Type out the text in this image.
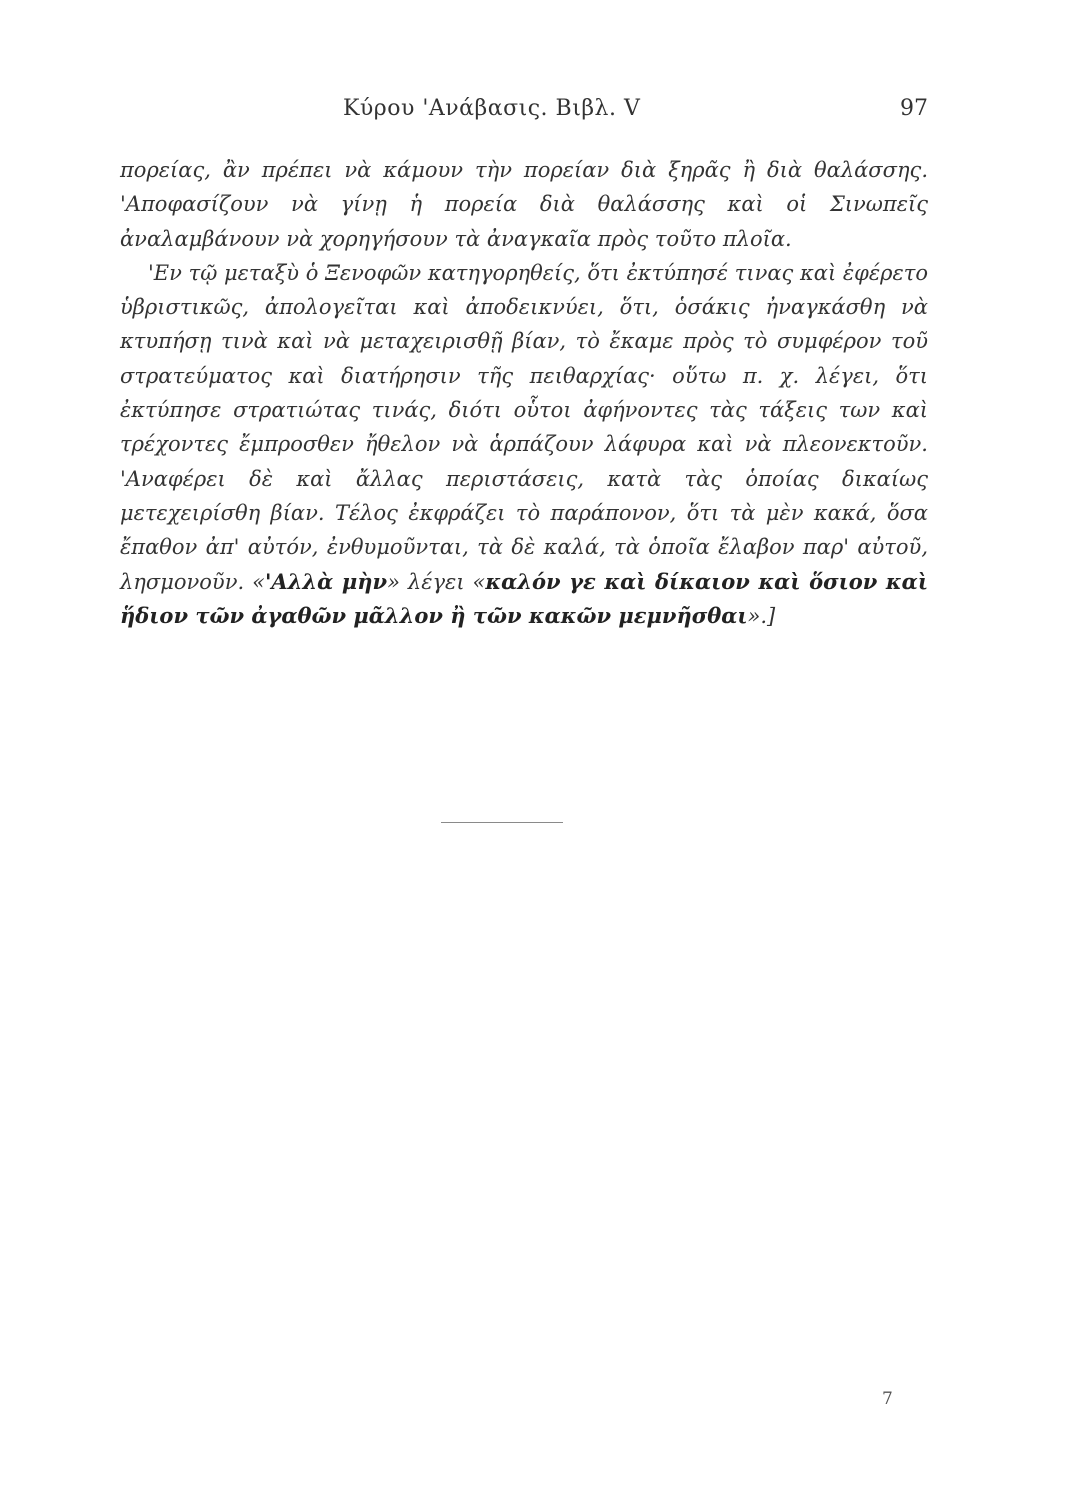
Κύρου 'Ανάβασις. Βιβλ. V	97

πορείας, ἂν πρέπει νὰ κάμουν τὴν πορείαν διὰ ξηρᾶς ἢ διὰ θαλάσσης. 'Αποφασίζουν νὰ γίνῃ ἡ πορεία διὰ θαλάσσης καὶ οἱ Σινωπεῖς ἀναλαμβάνουν νὰ χορηγήσουν τὰ ἀναγκαῖα πρὸς τοῦτο πλοῖα.

'Εν τῷ μεταξὺ ὁ Ξενοφῶν κατηγορηθείς, ὅτι ἐκτύπησέ τινας καὶ ἐφέρετο ὑβριστικῶς, ἀπολογεῖται καὶ ἀποδεικνύει, ὅτι, ὁσάκις ἠναγκάσθη νὰ κτυπήσῃ τινὰ καὶ νὰ μεταχειρισθῇ βίαν, τὸ ἔκαμε πρὸς τὸ συμφέρον τοῦ στρατεύματος καὶ διατήρησιν τῆς πειθαρχίας· οὕτω π. χ. λέγει, ὅτι ἐκτύπησε στρατιώτας τινάς, διότι οὗτοι ἀφήνοντες τὰς τάξεις των καὶ τρέχοντες ἔμπροσθεν ἤθελον νὰ ἁρπάζουν λάφυρα καὶ νὰ πλεονεκτοῦν. 'Αναφέρει δὲ καὶ ἄλλας περιστάσεις, κατὰ τὰς ὁποίας δικαίως μετεχειρίσθη βίαν. Τέλος ἐκφράζει τὸ παράπονον, ὅτι τὰ μὲν κακά, ὅσα ἔπαθον ἀπ' αὐτόν, ἐνθυμοῦνται, τὰ δὲ καλά, τὰ ὁποῖα ἔλαβον παρ' αὐτοῦ, λησμονοῦν. «'Αλλὰ μὴν» λέγει «καλόν γε καὶ δίκαιον καὶ ὅσιον καὶ ἥδιον τῶν ἀγαθῶν μᾶλλον ἢ τῶν κακῶν μεμνῆσθαι».]

7
